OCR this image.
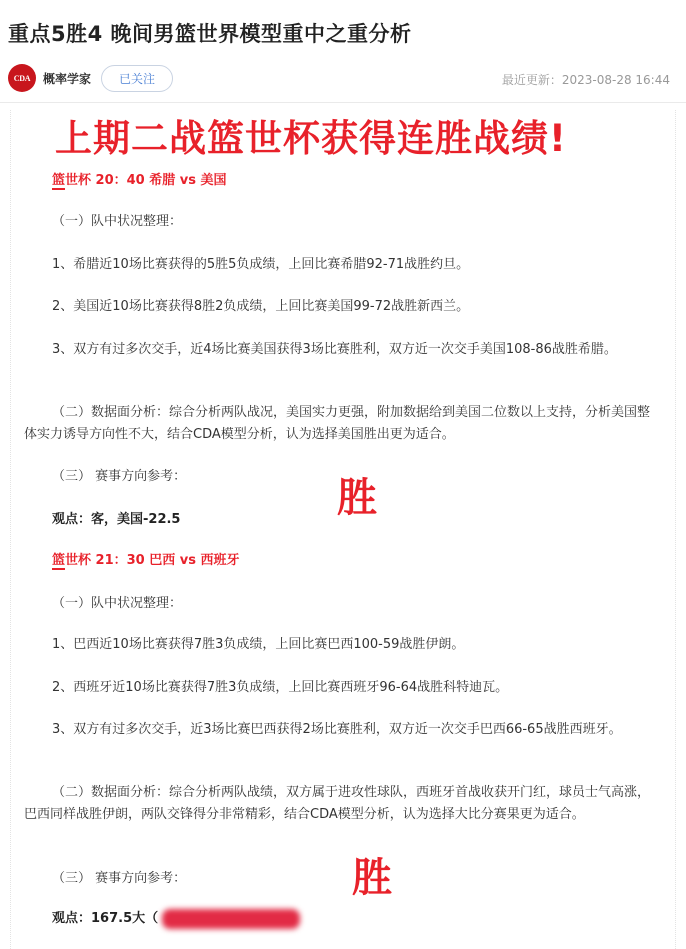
重点5胜4 晚间男篮世界模型重中之重分析
CDA 概率学家	已关注	最近更新：2023-08-28 16:44
上期二战篮世杯获得连胜战绩!
篮世杯 20：40 希腊 vs 美国
（一）队中状况整理：
1、希腊近10场比赛获得的5胜5负成绩，上回比赛希腊92-71战胜约旦。
2、美国近10场比赛获得8胜2负成绩，上回比赛美国99-72战胜新西兰。
3、双方有过多次交手，近4场比赛美国获得3场比赛胜利，双方近一次交手美国108-86战胜希腊。
（二）数据面分析：综合分析两队战况，美国实力更强，附加数据给到美国二位数以上支持，分析美国整体实力诱导方向性不大，结合CDA模型分析，认为选择美国胜出更为适合。
（三） 赛事方向参考：	胜
观点：客，美国-22.5
篮世杯 21：30 巴西 vs 西班牙
（一）队中状况整理：
1、巴西近10场比赛获得7胜3负成绩，上回比赛巴西100-59战胜伊朗。
2、西班牙近10场比赛获得7胜3负成绩，上回比赛西班牙96-64战胜科特迪瓦。
3、双方有过多次交手，近3场比赛巴西获得2场比赛胜利，双方近一次交手巴西66-65战胜西班牙。
（二）数据面分析：综合分析两队战绩，双方属于进攻性球队，西班牙首战收获开门红，球员士气高涨，巴西同样战胜伊朗，两队交锋得分非常精彩，结合CDA模型分析，认为选择大比分赛果更为适合。
（三） 赛事方向参考：	胜
观点：167.5大（
